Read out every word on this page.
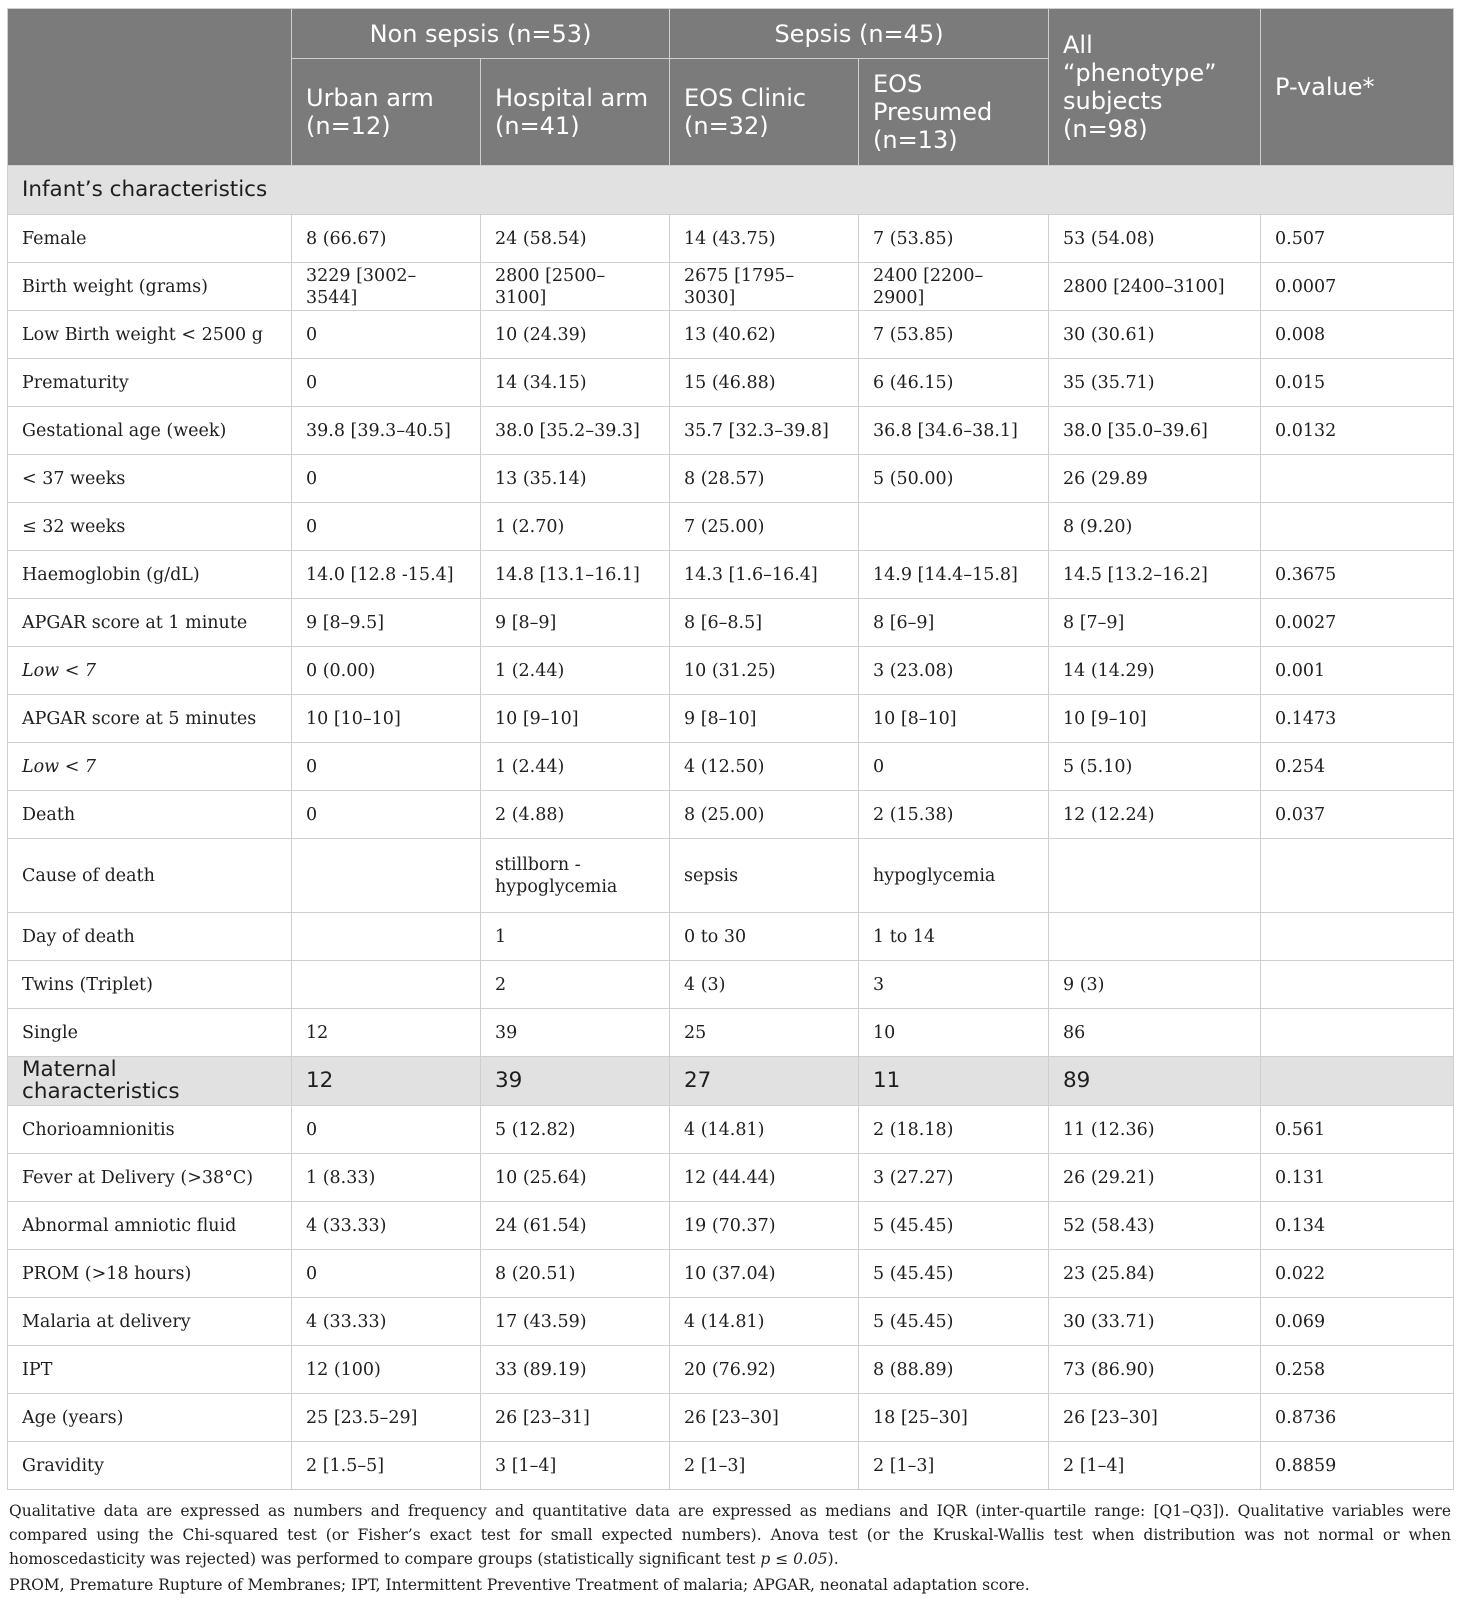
	Non sepsis (n=53)		Sepsis (n=45)		All “phenotype” subjects (n=98)	P-value*
	Urban arm (n=12)	Hospital arm (n=41)	EOS Clinic (n=32)	EOS Presumed (n=13)		
Infant’s characteristics						
Female	8 (66.67)	24 (58.54)	14 (43.75)	7 (53.85)	53 (54.08)	0.507
Birth weight (grams)	3229 [3002–3544]	2800 [2500–3100]	2675 [1795–3030]	2400 [2200–2900]	2800 [2400–3100]	0.0007
Low Birth weight < 2500 g	0	10 (24.39)	13 (40.62)	7 (53.85)	30 (30.61)	0.008
Prematurity	0	14 (34.15)	15 (46.88)	6 (46.15)	35 (35.71)	0.015
Gestational age (week)	39.8 [39.3–40.5]	38.0 [35.2–39.3]	35.7 [32.3–39.8]	36.8 [34.6–38.1]	38.0 [35.0–39.6]	0.0132
< 37 weeks	0	13 (35.14)	8 (28.57)	5 (50.00)	26 (29.89	
≤ 32 weeks	0	1 (2.70)	7 (25.00)		8 (9.20)	
Haemoglobin (g/dL)	14.0 [12.8 -15.4]	14.8 [13.1–16.1]	14.3 [1.6–16.4]	14.9 [14.4–15.8]	14.5 [13.2–16.2]	0.3675
APGAR score at 1 minute	9 [8–9.5]	9 [8–9]	8 [6–8.5]	8 [6–9]	8 [7–9]	0.0027
Low < 7	0 (0.00)	1 (2.44)	10 (31.25)	3 (23.08)	14 (14.29)	0.001
APGAR score at 5 minutes	10 [10–10]	10 [9–10]	9 [8–10]	10 [8–10]	10 [9–10]	0.1473
Low < 7	0	1 (2.44)	4 (12.50)	0	5 (5.10)	0.254
Death	0	2 (4.88)	8 (25.00)	2 (15.38)	12 (12.24)	0.037
Cause of death		stillborn -hypoglycemia	sepsis	hypoglycemia		
Day of death		1	0 to 30	1 to 14		
Twins (Triplet)		2	4 (3)	3	9 (3)	
Single	12	39	25	10	86	
Maternal characteristics	12	39	27	11	89	
Chorioamnionitis	0	5 (12.82)	4 (14.81)	2 (18.18)	11 (12.36)	0.561
Fever at Delivery (>38°C)	1 (8.33)	10 (25.64)	12 (44.44)	3 (27.27)	26 (29.21)	0.131
Abnormal amniotic fluid	4 (33.33)	24 (61.54)	19 (70.37)	5 (45.45)	52 (58.43)	0.134
PROM (>18 hours)	0	8 (20.51)	10 (37.04)	5 (45.45)	23 (25.84)	0.022
Malaria at delivery	4 (33.33)	17 (43.59)	4 (14.81)	5 (45.45)	30 (33.71)	0.069
IPT	12 (100)	33 (89.19)	20 (76.92)	8 (88.89)	73 (86.90)	0.258
Age (years)	25 [23.5–29]	26 [23–31]	26 [23–30]	18 [25–30]	26 [23–30]	0.8736
Gravidity	2 [1.5–5]	3 [1–4]	2 [1–3]	2 [1–3]	2 [1–4]	0.8859

Qualitative data are expressed as numbers and frequency and quantitative data are expressed as medians and IQR (inter-quartile range: [Q1–Q3]). Qualitative variables were compared using the Chi-squared test (or Fisher’s exact test for small expected numbers). Anova test (or the Kruskal-Wallis test when distribution was not normal or when homoscedasticity was rejected) was performed to compare groups (statistically significant test p ≤ 0.05).

PROM, Premature Rupture of Membranes; IPT, Intermittent Preventive Treatment of malaria; APGAR, neonatal adaptation score.
